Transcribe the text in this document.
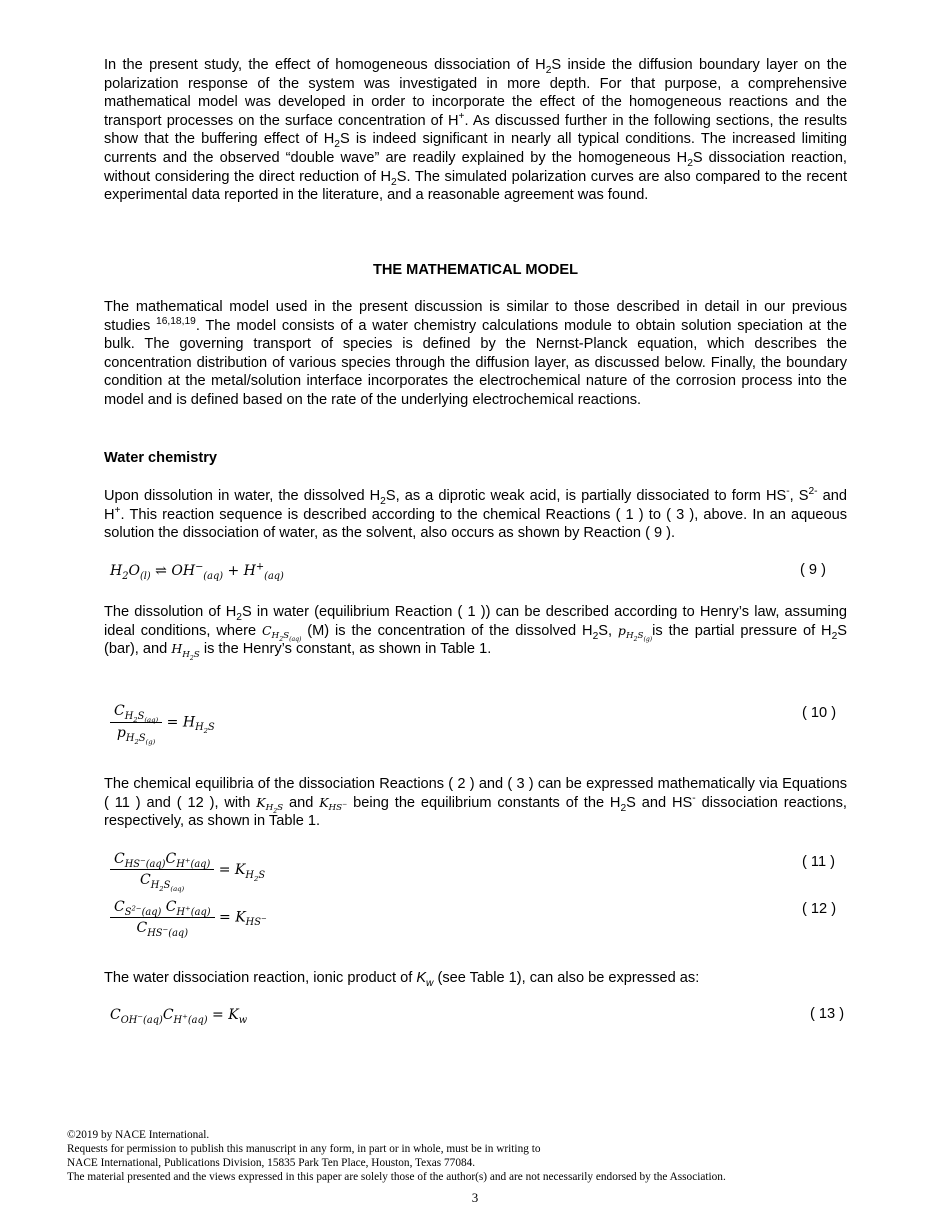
In the present study, the effect of homogeneous dissociation of $H_2S$ inside the diffusion boundary layer on the polarization response of the system was investigated in more depth. For that purpose, a comprehensive mathematical model was developed in order to incorporate the effect of the homogeneous reactions and the transport processes on the surface concentration of H+. As discussed further in the following sections, the results show that the buffering effect of $H_2S$ is indeed significant in nearly all typical conditions. The increased limiting currents and the observed “double wave” are readily explained by the homogeneous $H_2S$ dissociation reaction, without considering the direct reduction of $H_2S$. The simulated polarization curves are also compared to the recent experimental data reported in the literature, and a reasonable agreement was found.

THE MATHEMATICAL MODEL

The mathematical model used in the present discussion is similar to those described in detail in our previous studies $^{16,18,19}$. The model consists of a water chemistry calculations module to obtain solution speciation at the bulk. The governing transport of species is defined by the Nernst-Planck equation, which describes the concentration distribution of various species through the diffusion layer, as discussed below. Finally, the boundary condition at the metal/solution interface incorporates the electrochemical nature of the corrosion process into the model and is defined based on the rate of the underlying electrochemical reactions.

Water chemistry

Upon dissolution in water, the dissolved $H_2S$, as a diprotic weak acid, is partially dissociated to form HS-, $S^{2-}$ and H+. This reaction sequence is described according to the chemical Reactions ( 1 ) to ( 3 ), above. In an aqueous solution the dissociation of water, as the solvent, also occurs as shown by Reaction ( 9 ).

$H_2O_{(l)}$ ⇌ $OH^-_{(aq)} + H^+_{(aq)}$	( 9 )

The dissolution of $H_2S$ in water (equilibrium Reaction ( 1 )) can be described according to Henry’s law, assuming ideal conditions, where $C_{H_2S_{(aq)}}$ (M) is the concentration of the dissolved $H_2S$, $p_{H_2S_{(g)}}is$ the partial pressure of $H_2S$ (bar), and $H_{H_2S}$ is the Henry’s constant, as shown in Table 1.

$\frac{C_{H_2S_{(aq)}}}{p_{H_2S_{(g)}}} = H_{H_2S}$
( 10 )

The chemical equilibria of the dissociation Reactions ( 2 ) and ( 3 ) can be expressed mathematically via Equations ( 11 ) and ( 12 ), with $K_{H_2S}$ and $K_{HS^-}$ being the equilibrium constants of the $H_2S$ and HS- dissociation reactions, respectively, as shown in Table 1.

$\frac{C_{HS^-(aq)}C_{H^+(aq)}}{C_{H_2S_{(aq)}}} = K_{H_2S}$
( 11 )
$\frac{C_{S^{2-}(aq)} C_{H^+(aq)}}{C_{HS^-(aq)}} = K_{HS^-}$
( 12 )

The water dissociation reaction, ionic product of $K_w$ (see Table 1), can also be expressed as:

$C_{OH^-(aq)}C_{H^+(aq)} = K_w$	( 13 )
©2019 by NACE International.
Requests for permission to publish this manuscript in any form, in part or in whole, must be in writing to
NACE International, Publications Division, 15835 Park Ten Place, Houston, Texas 77084.
The material presented and the views expressed in this paper are solely those of the author(s) and are not necessarily endorsed by the Association.
3
